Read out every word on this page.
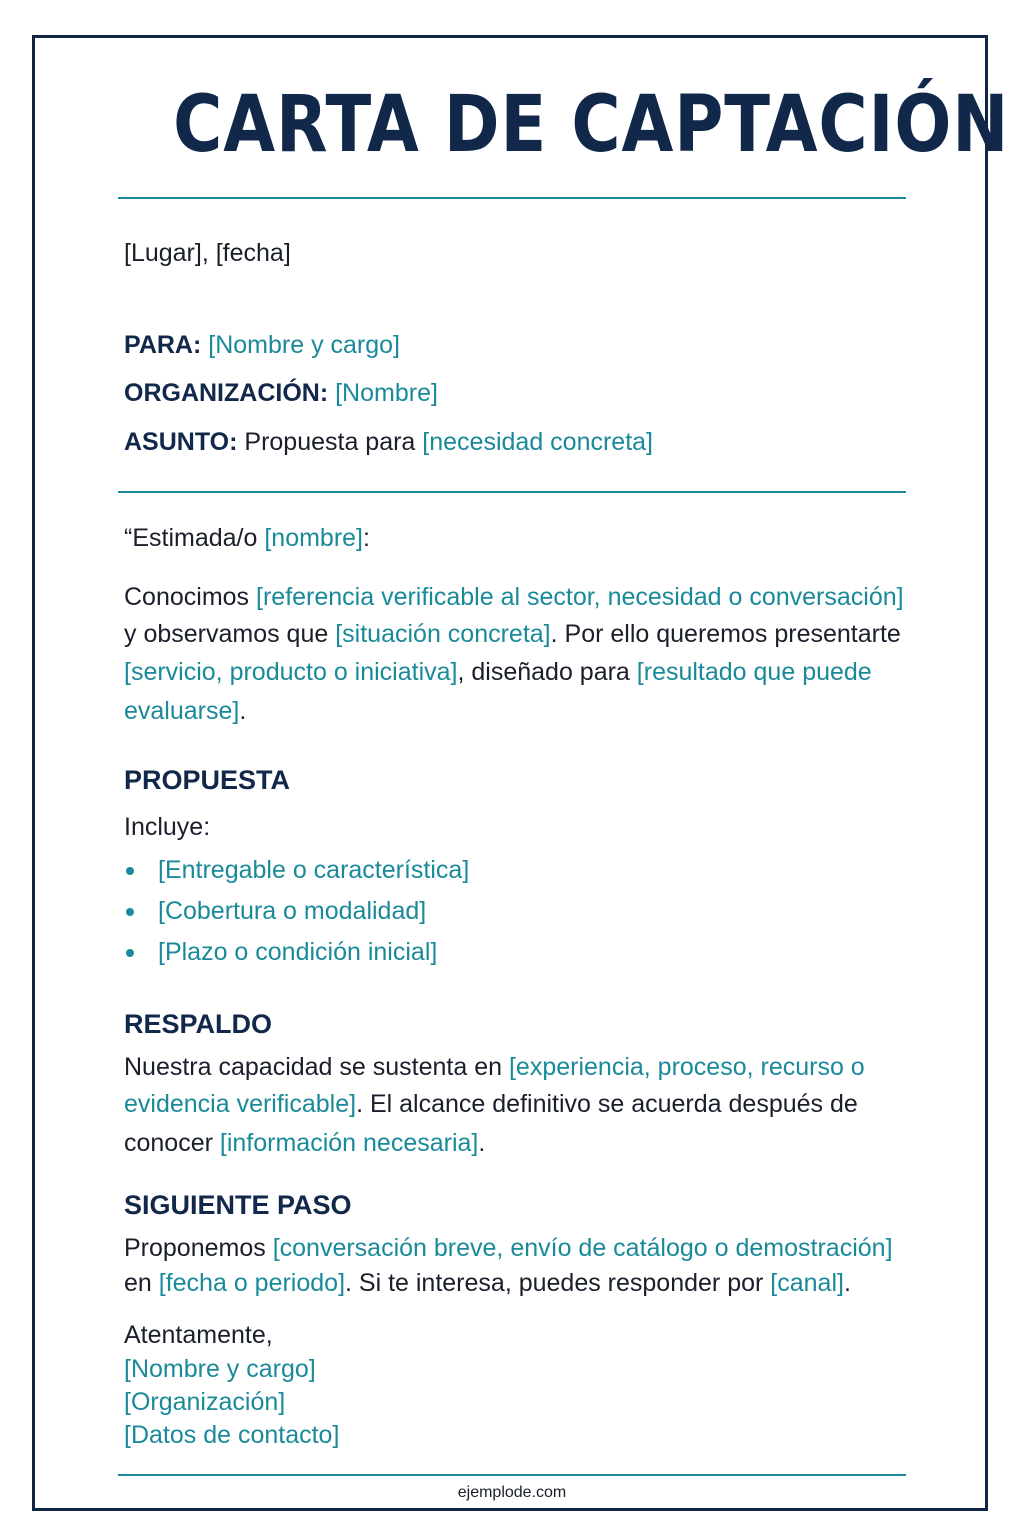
CARTA DE CAPTACIÓN
[Lugar], [fecha]
PARA: [Nombre y cargo]
ORGANIZACIÓN: [Nombre]
ASUNTO: Propuesta para [necesidad concreta]
“Estimada/o [nombre]:
Conocimos [referencia verificable al sector, necesidad o conversación]
y observamos que [situación concreta]. Por ello queremos presentarte
[servicio, producto o iniciativa], diseñado para [resultado que puede
evaluarse].
PROPUESTA
Incluye:
[Entregable o característica]
[Cobertura o modalidad]
[Plazo o condición inicial]
RESPALDO
Nuestra capacidad se sustenta en [experiencia, proceso, recurso o
evidencia verificable]. El alcance definitivo se acuerda después de
conocer [información necesaria].
SIGUIENTE PASO
Proponemos [conversación breve, envío de catálogo o demostración]
en [fecha o periodo]. Si te interesa, puedes responder por [canal].
Atentamente,
[Nombre y cargo]
[Organización]
[Datos de contacto]
ejemplode.com
